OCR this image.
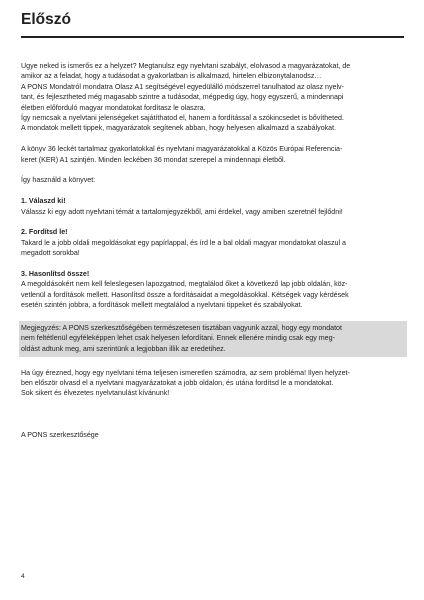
Előszó

Ugye neked is ismerős ez a helyzet? Megtanulsz egy nyelvtani szabályt, elolvasod a magyarázatokat, de

amikor az a feladat, hogy a tudásodat a gyakorlatban is alkalmazd, hirtelen elbizonytalanodsz…

A PONS Mondatról mondatra Olasz A1 segítségével egyedülálló módszerrel tanulhatod az olasz nyelv-

tant, és fejlesztheted még magasabb szintre a tudásodat, mégpedig úgy, hogy egyszerű, a mindennapi

életben előforduló magyar mondatokat fordítasz le olaszra.

Így nemcsak a nyelvtani jelenségeket sajátíthatod el, hanem a fordítással a szókincsedet is bővítheted.

A mondatok mellett tippek, magyarázatok segítenek abban, hogy helyesen alkalmazd a szabályokat.

A könyv 36 leckét tartalmaz gyakorlatokkal és nyelvtani magyarázatokkal a Közös Európai Referencia-

keret (KER) A1 szintjén. Minden leckében 36 mondat szerepel a mindennapi életből.

Így használd a könyvet:

1. Válaszd ki!

Válassz ki egy adott nyelvtani témát a tartalomjegyzékből, ami érdekel, vagy amiben szeretnél fejlődni!

2. Fordítsd le!

Takard le a jobb oldali megoldásokat egy papírlappal, és írd le a bal oldali magyar mondatokat olaszul a

megadott sorokba!

3. Hasonlítsd össze!

A megoldásokért nem kell feleslegesen lapozgatnod, megtalálod őket a következő lap jobb oldalán, köz-

vetlenül a fordítások mellett. Hasonlítsd össze a fordításaidat a megoldásokkal. Kétségek vagy kérdések

esetén szintén jobbra, a fordítások mellett megtalálod a nyelvtani tippeket és szabályokat.

Megjegyzés: A PONS szerkesztőségében természetesen tisztában vagyunk azzal, hogy egy mondatot

nem feltétlenül egyféleképpen lehet csak helyesen lefordítani. Ennek ellenére mindig csak egy meg-

oldást adtunk meg, ami szerintünk a legjobban illik az eredetihez.

Ha úgy érezned, hogy egy nyelvtani téma teljesen ismeretlen számodra, az sem probléma! Ilyen helyzet-

ben először olvasd el a nyelvtani magyarázatokat a jobb oldalon, és utána fordítsd le a mondatokat.

Sok sikert és élvezetes nyelvtanulást kívánunk!

A PONS szerkesztősége

4
